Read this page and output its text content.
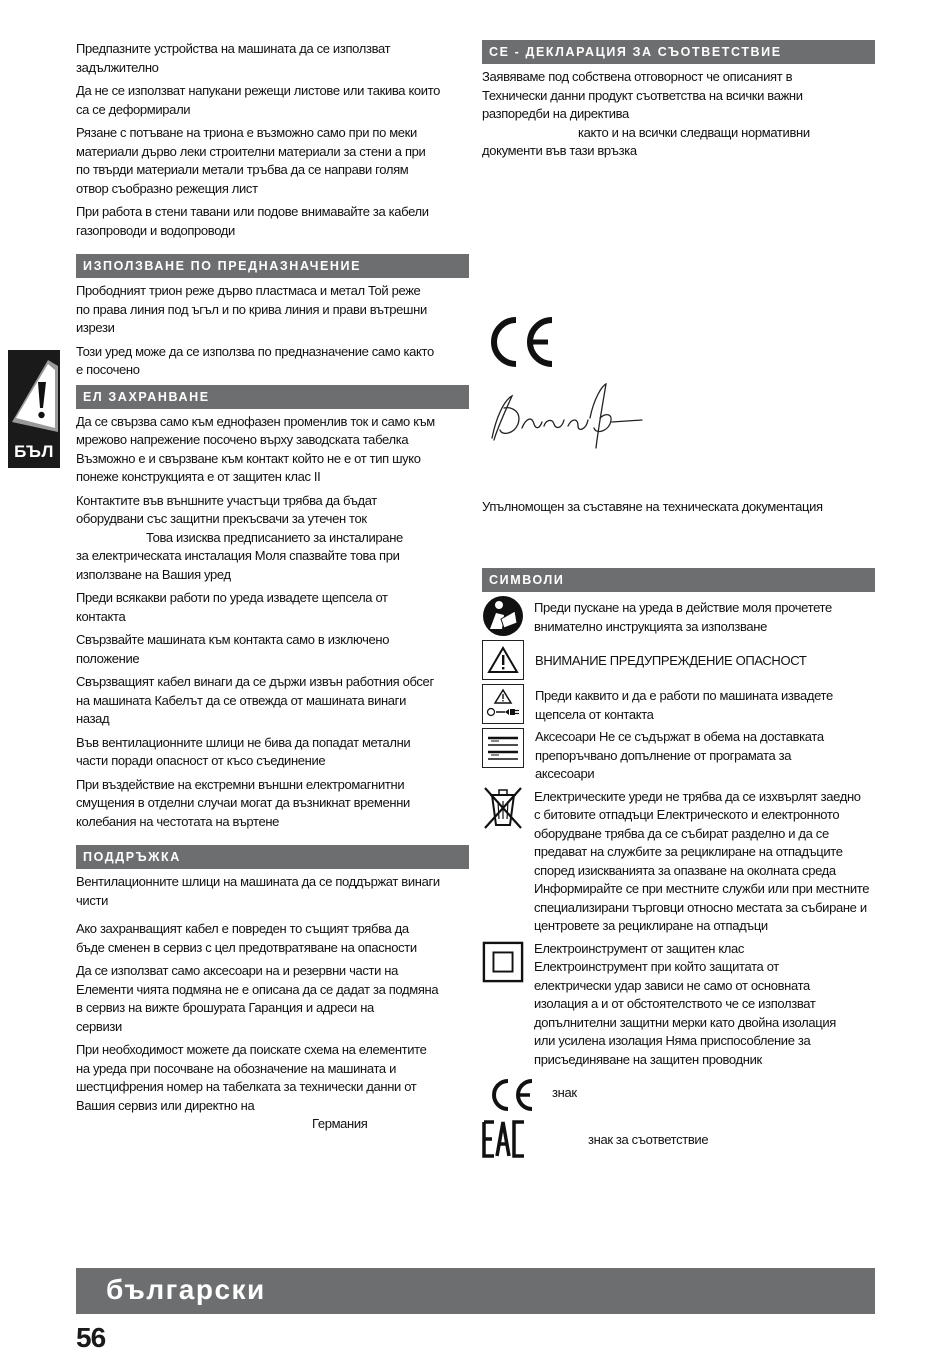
Предпазните устройства на машината да се използват
задължително
Да не се използват напукани режещи листове или такива които
са се деформирали
Рязане с потъване на триона е възможно само при по меки
материали дърво леки строителни материали за стени а при
по твърди материали метали тръбва да се направи голям
отвор съобразно режещия лист
При работа в стени тавани или подове внимавайте за кабели
газопроводи и водопроводи
ИЗПОЛЗВАНЕ ПО ПРЕДНАЗНАЧЕНИЕ
Прободният трион реже дърво пластмаса и метал Той реже
по права линия под ъгъл и по крива линия и прави вътрешни
изрези
Този уред може да се използва по предназначение само както
е посочено
ЕЛ ЗАХРАНВАНЕ
Да се свързва само към еднофазен променлив ток и само към
мрежово напрежение посочено върху заводската табелка
Възможно е и свързване към контакт който не е от тип шуко
понеже конструкцията е от защитен клас II
Контактите във външните участъци трябва да бъдат
оборудвани със защитни прекъсвачи за утечен ток
Това изисква предписанието за инсталиране
за електрическата инсталация Моля спазвайте това при
използване на Вашия уред
Преди всякакви работи по уреда извадете щепсела от
контакта
Свързвайте машината към контакта само в изключено
положение
Свързващият кабел винаги да се държи извън работния обсег
на машината Кабелът да се отвежда от машината винаги
назад
Във вентилационните шлици не бива да попадат метални
части поради опасност от късо съединение
При въздействие на екстремни външни електромагнитни
смущения в отделни случаи могат да възникнат временни
колебания на честотата на въртене
ПОДДРЪЖКА
Вентилационните шлици на машината да се поддържат винаги
чисти
Ако захранващият кабел е повреден то същият трябва да
бъде сменен в сервиз с цел предотвратяване на опасности
Да се използват само аксесоари на и резервни части на
Елементи чията подмяна не е описана да се дадат за подмяна
в сервиз на вижте брошурата Гаранция и адреси на
сервизи
При необходимост можете да поискате схема на елементите
на уреда при посочване на обозначение на машината и
шестцифрения номер на табелката за технически данни от
Вашия сервиз или директно на
Германия
CE - ДЕКЛАРАЦИЯ ЗА СЪОТВЕТСТВИЕ
Заявяваме под собствена отговорност че описаният в
Технически данни продукт съответства на всички важни
разпоредби на директива
както и на всички следващи нормативни
документи във тази връзка
Упълномощен за съставяне на техническата документация
СИМВОЛИ
Преди пускане на уреда в действие моля прочетете
внимателно инструкцията за използване
ВНИМАНИЕ ПРЕДУПРЕЖДЕНИЕ ОПАСНОСТ
Преди каквито и да е работи по машината извадете
щепсела от контакта
Аксесоари Не се съдържат в обема на доставката
препоръчвано допълнение от програмата за
аксесоари
Електрическите уреди не трябва да се изхвърлят заедно
с битовите отпадъци Електрическото и електронното
оборудване трябва да се събират разделно и да се
предават на службите за рециклиране на отпадъците
според изискванията за опазване на околната среда
Информирайте се при местните служби или при местните
специализирани търговци относно местата за събиране и
центровете за рециклиране на отпадъци
Електроинструмент от защитен клас
Електроинструмент при който защитата от
електрически удар зависи не само от основната
изолация а и от обстоятелството че се използват
допълнителни защитни мерки като двойна изолация
или усилена изолация Няма приспособление за
присъединяване на защитен проводник
знак
знак за съответствие
БЪЛ
български
56
